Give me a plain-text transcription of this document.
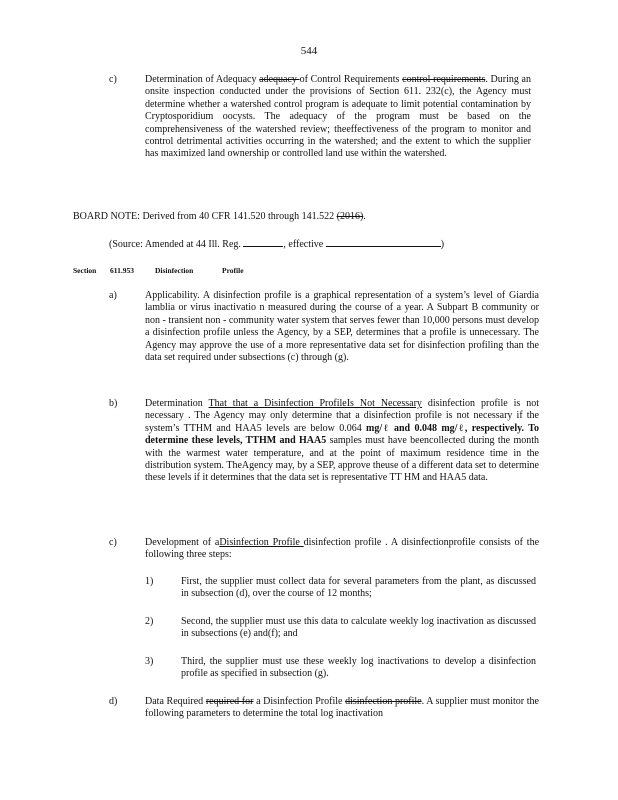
544
c)	Determination of Adequacy adequacy of Control Requirements control requirements. During an onsite inspection conducted under the provisions of Section 611. 232(c), the Agency must determine whether a watershed control program is adequate to limit potential contamination by Cryptosporidium oocysts. The adequacy of the program must be based on the comprehensiveness of the watershed review; theeffectiveness of the program to monitor and control detrimental activities occurring in the watershed; and the extent to which the supplier has maximized land ownership or controlled land use within the watershed.
BOARD NOTE: Derived from 40 CFR 141.520 through 141.522 (2016).
(Source: Amended at 44 Ill. Reg.	, effective	)
Section 611.953	Disinfection	Profile
a)	Applicability. A disinfection profile is a graphical representation of a system’s level of Giardia lamblia or virus inactivatio n measured during the course of a year. A Subpart B community or non - transient non - community water system that serves fewer than 10,000 persons must develop a disinfection profile unless the Agency, by a SEP, determines that a profile is unnecessary. The Agency may approve the use of a more representative data set for disinfection profiling than the data set required under subsections (c) through (g).
b)	Determination That that a Disinfection ProfileIs Not Necessary disinfection profile is not necessary . The Agency may only determine that a disinfection profile is not necessary if the system’s TTHM and HAA5 levels are below 0.064 mg/ℓ and 0.048 mg/ℓ, respectively. To determine these levels, TTHM and HAA5 samples must have beencollected during the month with the warmest water temperature, and at the point of maximum residence time in the distribution system. TheAgency may, by a SEP, approve theuse of a different data set to determine these levels if it determines that the data set is representative TT HM and HAA5 data.
c)	Development of aDisinfection Profile disinfection profile . A disinfectionprofile consists of the following three steps:
1)	First, the supplier must collect data for several parameters from the plant, as discussed in subsection (d), over the course of 12 months;
2)	Second, the supplier must use this data to calculate weekly log inactivation as discussed in subsections (e) and(f); and
3)	Third, the supplier must use these weekly log inactivations to develop a disinfection profile as specified in subsection (g).
d)	Data Required required for a Disinfection Profile disinfection profile. A supplier must monitor the following parameters to determine the total log inactivation
